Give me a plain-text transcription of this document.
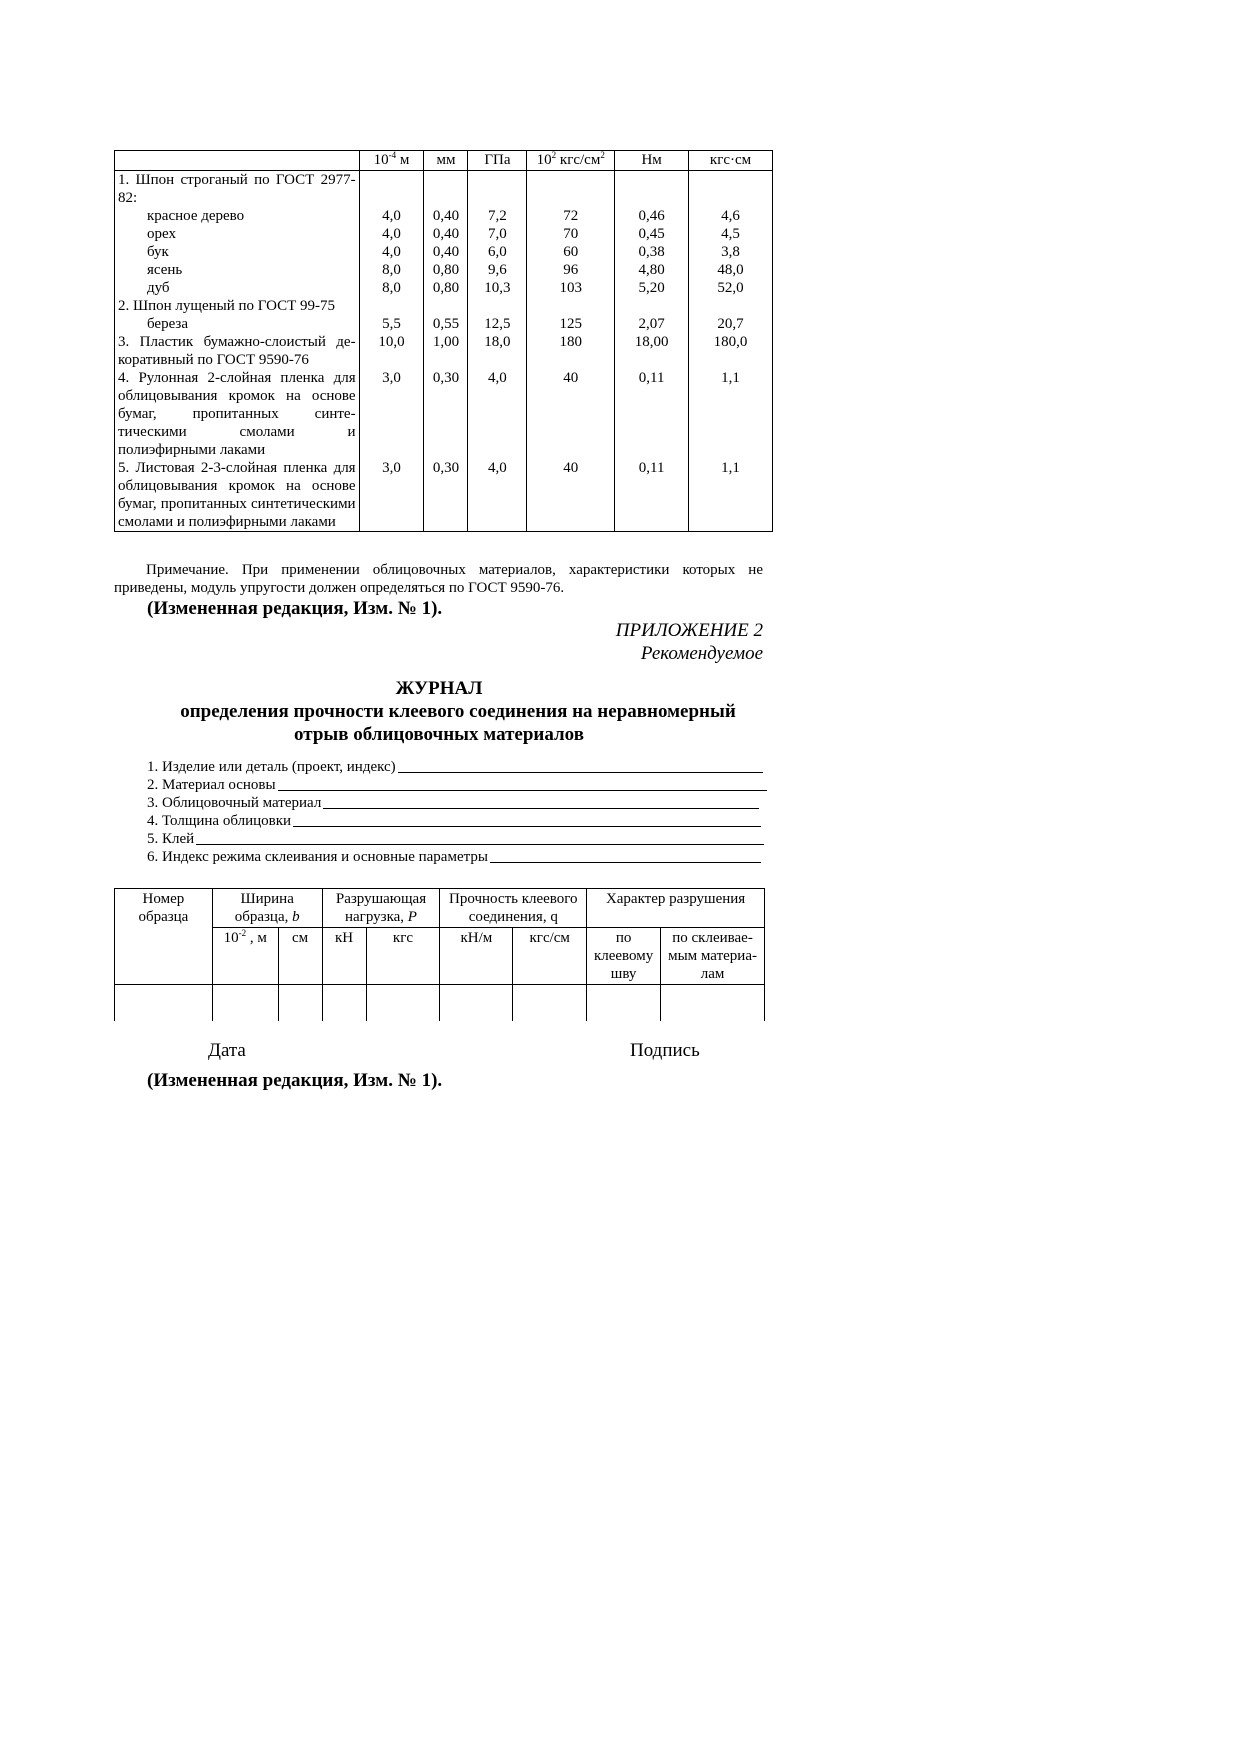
	$10^{-4}$ м	мм	ГПа	$10^2$ кгс/$см^2$	Нм	кгс·см
1. Шпон строганый по ГОСТ 2977-82:						
красное дерево	4,0	0,40	7,2	72	0,46	4,6
орех	4,0	0,40	7,0	70	0,45	4,5
бук	4,0	0,40	6,0	60	0,38	3,8
ясень	8,0	0,80	9,6	96	4,80	48,0
дуб	8,0	0,80	10,3	103	5,20	52,0
2. Шпон лущеный по ГОСТ 99-75						
береза	5,5	0,55	12,5	125	2,07	20,7
3. Пластик бумажно-слоистый де-коративный по ГОСТ 9590-76	10,0	1,00	18,0	180	18,00	180,0
4. Рулонная 2-слойная пленка для облицовывания кромок на основе бумаг, пропитанных синте-тическими смолами и полиэфирными лаками	3,0	0,30	4,0	40	0,11	1,1
5. Листовая 2-3-слойная пленка для облицовывания кромок на основе бумаг, пропитанных синтетическими смолами и полиэфирными лаками	3,0	0,30	4,0	40	0,11	1,1
Примечание. При применении облицовочных материалов, характеристики которых не приведены, модуль упругости должен определяться по ГОСТ 9590-76.
(Измененная редакция, Изм. № 1).
ПРИЛОЖЕНИЕ 2
Рекомендуемое
ЖУРНАЛ
определения прочности клеевого соединения на неравномерный
отрыв облицовочных материалов
1. Изделие или деталь (проект, индекс)
2. Материал основы
3. Облицовочный материал
4. Толщина облицовки
5. Клей
6. Индекс режима склеивания и основные параметры
Номер образца	Ширина образца, b		Разрушающая нагрузка, P		Прочность клеевого соединения, q		Характер разрушения	
	$10^{-2}$ , м	см	кН	кгс	кН/м	кгс/см	по клеевому шву	по склеивае-мым материа-лам

Дата	Подпись
(Измененная редакция, Изм. № 1).
